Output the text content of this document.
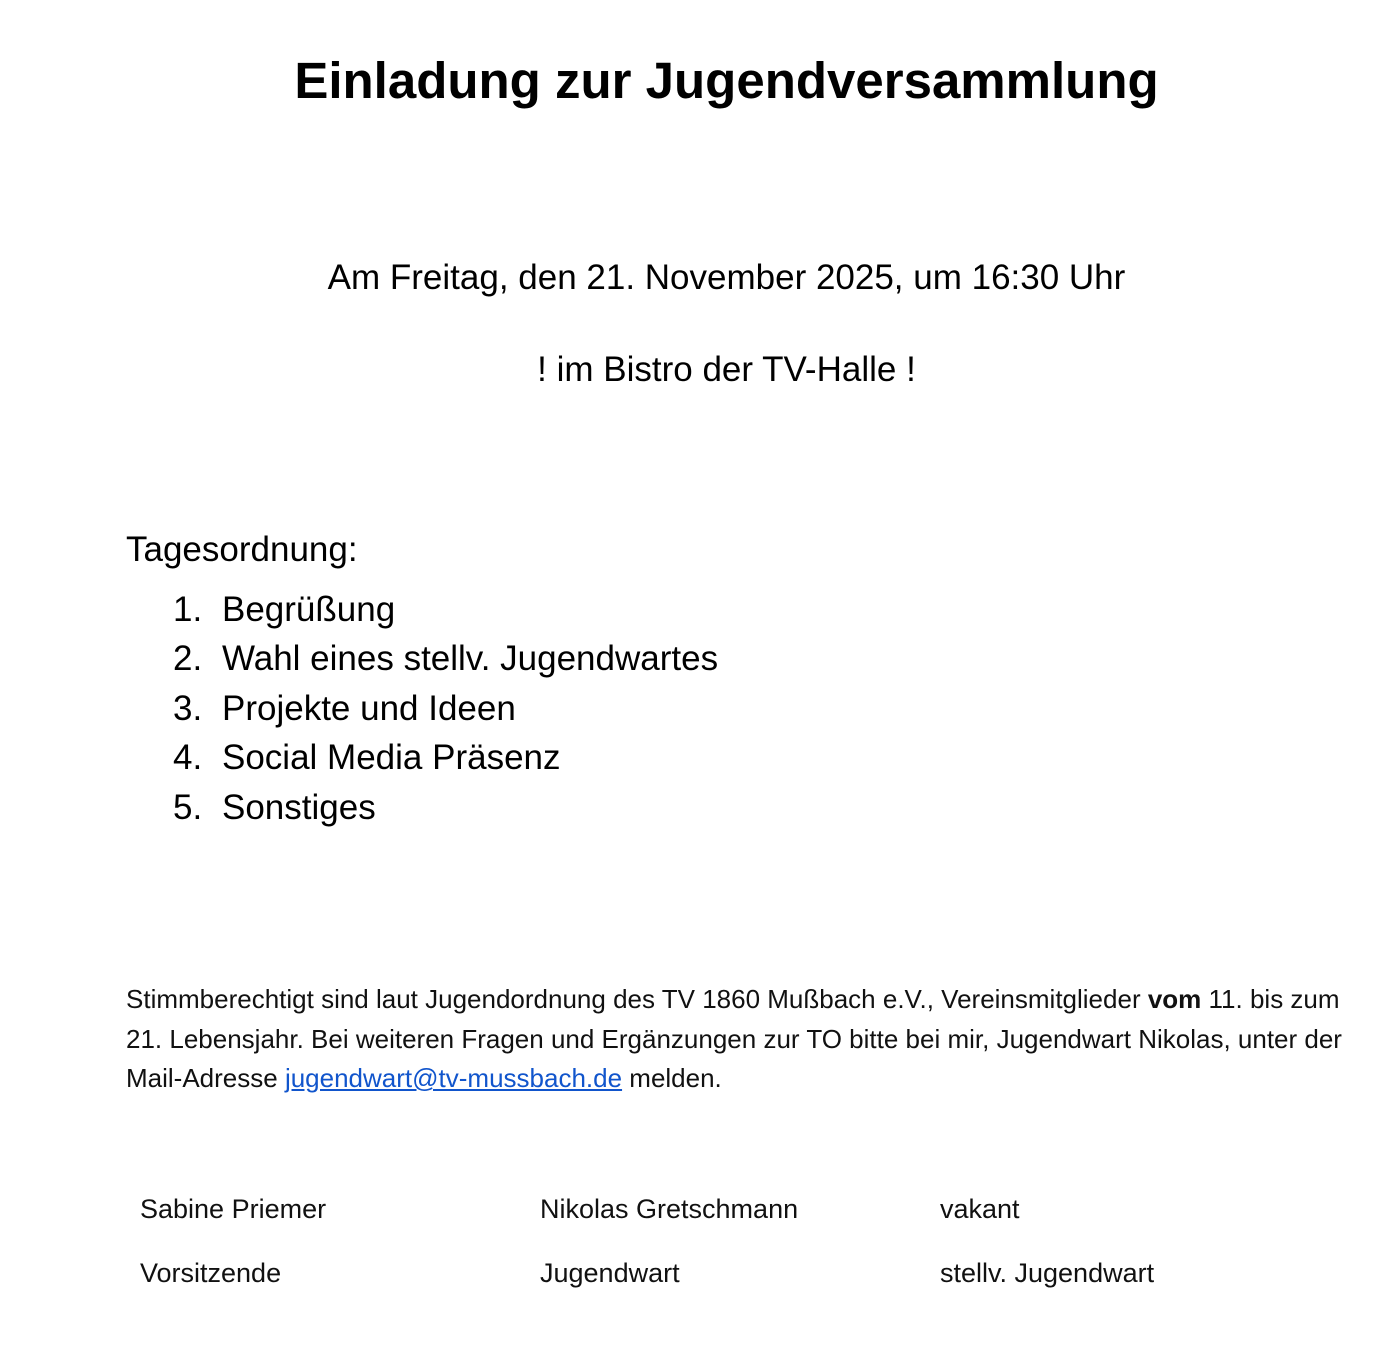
Einladung zur Jugendversammlung

Am Freitag, den 21. November 2025, um 16:30 Uhr

! im Bistro der TV-Halle !

Tagesordnung:

1. Begrüßung
2. Wahl eines stellv. Jugendwartes
3. Projekte und Ideen
4. Social Media Präsenz
5. Sonstiges

Stimmberechtigt sind laut Jugendordnung des TV 1860 Mußbach e.V., Vereinsmitglieder vom 11. bis zum 21. Lebensjahr. Bei weiteren Fragen und Ergänzungen zur TO bitte bei mir, Jugendwart Nikolas, unter der Mail-Adresse jugendwart@tv-mussbach.de melden.

Sabine Priemer	Nikolas Gretschmann	vakant
Vorsitzende	Jugendwart	stellv. Jugendwart
